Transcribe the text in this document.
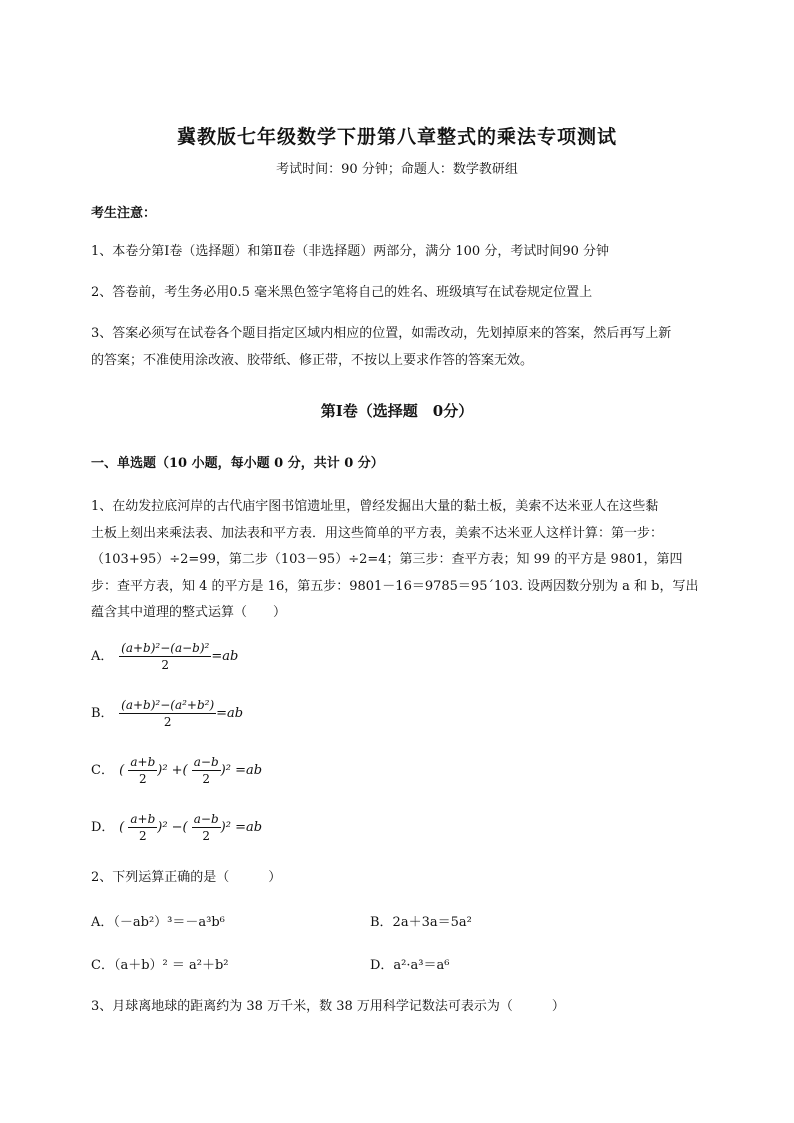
冀教版七年级数学下册第八章整式的乘法专项测试
考试时间：90 分钟；命题人：数学教研组
考生注意：
1、本卷分第Ⅰ卷（选择题）和第Ⅱ卷（非选择题）两部分，满分 100 分，考试时间90 分钟
2、答卷前，考生务必用0.5 毫米黑色签字笔将自己的姓名、班级填写在试卷规定位置上
3、答案必须写在试卷各个题目指定区域内相应的位置，如需改动，先划掉原来的答案，然后再写上新
的答案；不准使用涂改液、胶带纸、修正带，不按以上要求作答的答案无效。
第Ⅰ卷（选择题　0分）
一、单选题（10 小题，每小题 0 分，共计 0 分）
1、在幼发拉底河岸的古代庙宇图书馆遗址里，曾经发掘出大量的黏土板，美索不达米亚人在这些黏
土板上刻出来乘法表、加法表和平方表．用这些简单的平方表，美索不达米亚人这样计算：第一步：
（103+95）÷2=99，第二步（103－95）÷2=4；第三步：查平方表；知 99 的平方是 9801，第四
步：查平方表，知 4 的平方是 16，第五步：9801－16＝9785＝95´103. 设两因数分别为 a 和 b，写出
蕴含其中道理的整式运算（　　）
A． $\frac{\text{(a+b)²−(a−b)²}}{2} =ab$
B． $\frac{\text{(a+b)²−(a²+b²)}}{2} =ab$
C． ( $\frac{a+b}{2} )^2$ +( $\frac{a-b}{2} )^2 =ab$
D． ( $\frac{a+b}{2} )^2$ −( $\frac{a-b}{2} )^2 =ab$
2、下列运算正确的是（　　　）
A．（－ab²）³＝－a³b⁶	B．2a＋3a＝5a²
C．（a＋b）² ＝ a²＋b²	D．a²·a³＝a⁶
3、月球离地球的距离约为 38 万千米，数 38 万用科学记数法可表示为（　　　）
